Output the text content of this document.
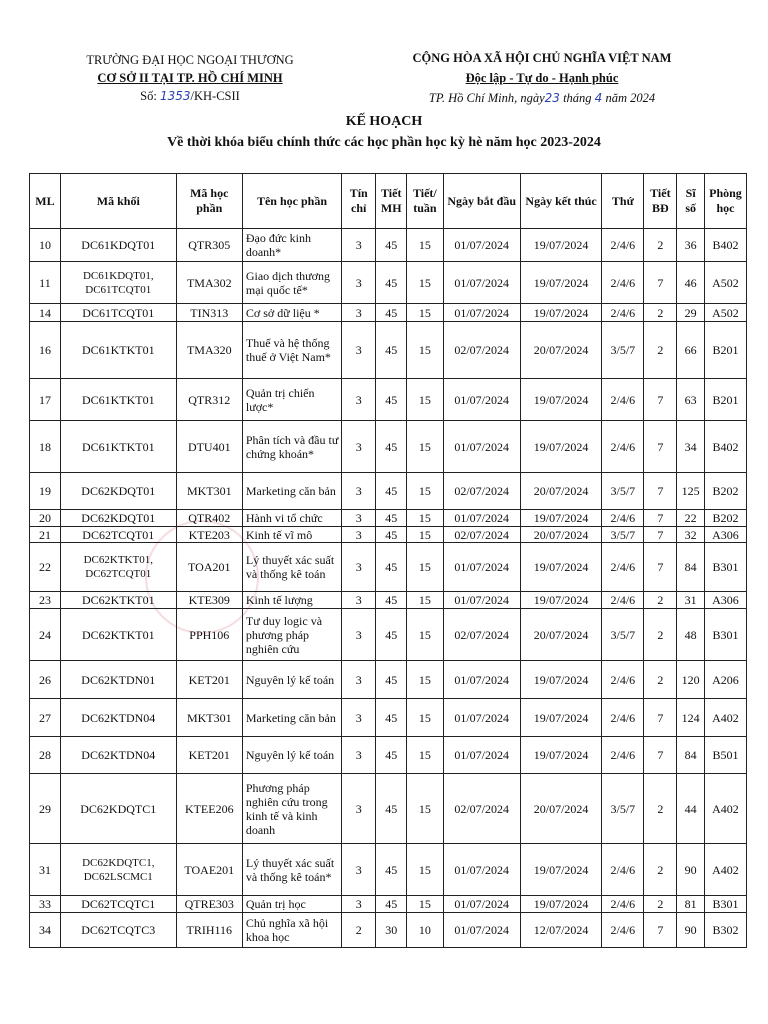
TRƯỜNG ĐẠI HỌC NGOẠI THƯƠNG
CƠ SỞ II TẠI TP. HỒ CHÍ MINH
Số: 1353/KH-CSII
CỘNG HÒA XÃ HỘI CHỦ NGHĨA VIỆT NAM
Độc lập - Tự do - Hạnh phúc
TP. Hồ Chí Minh, ngày23 tháng 4 năm 2024
KẾ HOẠCH
Về thời khóa biểu chính thức các học phần học kỳ hè năm học 2023-2024
ML	Mã khối	Mã học phần	Tên học phần	Tín chỉ	Tiết MH	Tiết/ tuần	Ngày bắt đầu	Ngày kết thúc	Thứ	Tiết BĐ	Sĩ số	Phòng học
10	DC61KDQT01	QTR305	Đạo đức kinh doanh*	3	45	15	01/07/2024	19/07/2024	2/4/6	2	36	B402
11	DC61KDQT01, DC61TCQT01	TMA302	Giao dịch thương mại quốc tế*	3	45	15	01/07/2024	19/07/2024	2/4/6	7	46	A502
14	DC61TCQT01	TIN313	Cơ sở dữ liệu *	3	45	15	01/07/2024	19/07/2024	2/4/6	2	29	A502
16	DC61KTKT01	TMA320	Thuế và hệ thống thuế ở Việt Nam*	3	45	15	02/07/2024	20/07/2024	3/5/7	2	66	B201
17	DC61KTKT01	QTR312	Quản trị chiến lược*	3	45	15	01/07/2024	19/07/2024	2/4/6	7	63	B201
18	DC61KTKT01	DTU401	Phân tích và đầu tư chứng khoán*	3	45	15	01/07/2024	19/07/2024	2/4/6	7	34	B402
19	DC62KDQT01	MKT301	Marketing căn bản	3	45	15	02/07/2024	20/07/2024	3/5/7	7	125	B202
20	DC62KDQT01	QTR402	Hành vi tổ chức	3	45	15	01/07/2024	19/07/2024	2/4/6	7	22	B202
21	DC62TCQT01	KTE203	Kinh tế vĩ mô	3	45	15	02/07/2024	20/07/2024	3/5/7	7	32	A306
22	DC62KTKT01, DC62TCQT01	TOA201	Lý thuyết xác suất và thống kê toán	3	45	15	01/07/2024	19/07/2024	2/4/6	7	84	B301
23	DC62KTKT01	KTE309	Kinh tế lượng	3	45	15	01/07/2024	19/07/2024	2/4/6	2	31	A306
24	DC62KTKT01	PPH106	Tư duy logic và phương pháp nghiên cứu	3	45	15	02/07/2024	20/07/2024	3/5/7	2	48	B301
26	DC62KTDN01	KET201	Nguyên lý kế toán	3	45	15	01/07/2024	19/07/2024	2/4/6	2	120	A206
27	DC62KTDN04	MKT301	Marketing căn bản	3	45	15	01/07/2024	19/07/2024	2/4/6	7	124	A402
28	DC62KTDN04	KET201	Nguyên lý kế toán	3	45	15	01/07/2024	19/07/2024	2/4/6	7	84	B501
29	DC62KDQTC1	KTEE206	Phương pháp nghiên cứu trong kinh tế và kinh doanh	3	45	15	02/07/2024	20/07/2024	3/5/7	2	44	A402
31	DC62KDQTC1, DC62LSCMC1	TOAE201	Lý thuyết xác suất và thống kê toán*	3	45	15	01/07/2024	19/07/2024	2/4/6	2	90	A402
33	DC62TCQTC1	QTRE303	Quản trị học	3	45	15	01/07/2024	19/07/2024	2/4/6	2	81	B301
34	DC62TCQTC3	TRIH116	Chủ nghĩa xã hội khoa học	2	30	10	01/07/2024	12/07/2024	2/4/6	7	90	B302
